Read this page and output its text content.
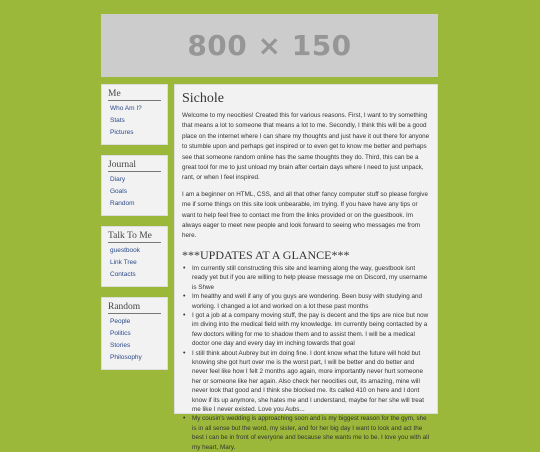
800 × 150
Me
Who Am I?
Stats
Pictures
Journal
Diary
Goals
Random
Talk To Me
guestbook
Link Tree
Contacts
Random
People
Politics
Stories
Philosophy
Sichole

Welcome to my neocities! Created this for various reasons. First, I want to try something that means a lot to someone that means a lot to me. Secondly, I think this will be a good place on the internet where I can share my thoughts and just have it out there for anyone to stumble upon and perhaps get inspired or to even get to know me better and perhaps see that someone random online has the same thoughts they do. Third, this can be a great tool for me to just unload my brain after certain days where I need to just unpack, rant, or when I feel inspired.

I am a beginner on HTML, CSS, and all that other fancy computer stuff so please forgive me if some things on this site look unbearable, im trying. If you have have any tips or want to help feel free to contact me from the links provided or on the guestbook. Im always eager to meet new people and look forward to seeing who messages me from here.

***UPDATES AT A GLANCE***
• Im currently still constructing this site and learning along the way, guestbook isnt ready yet but if you are willing to help please message me on Discord, my username is Shwe
• Im healthy and well if any of you guys are wondering. Been busy with studying and working. I changed a lot and worked on a lot these past months
• I got a job at a company moving stuff, the pay is decent and the tips are nice but now im diving into the medical field with my knowledge. Im currently being contacted by a few doctors willing for me to shadow them and to assist them. I will be a medical doctor one day and every day im inching towards that goal
• I still think about Aubrey but im doing fine. I dont know what the future will hold but knowing she got hurt over me is the worst part, I will be better and do better and never feel like how I felt 2 months ago again, more importantly never hurt someone her or someone like her again. Also check her neocities out, its amazing, mine will never look that good and I think she blocked me. Its called 410 on here and I dont know if its up anymore, she hates me and I understand, maybe for her she will treat me like I never existed. Love you Aubs...
• My cousin's wedding is approaching soon and is my biggest reason for the gym, she is in all sense but the word, my sister, and for her big day I want to look and act the best i can be in front of everyone and because she wants me to be. I love you with all my heart, Mary.
